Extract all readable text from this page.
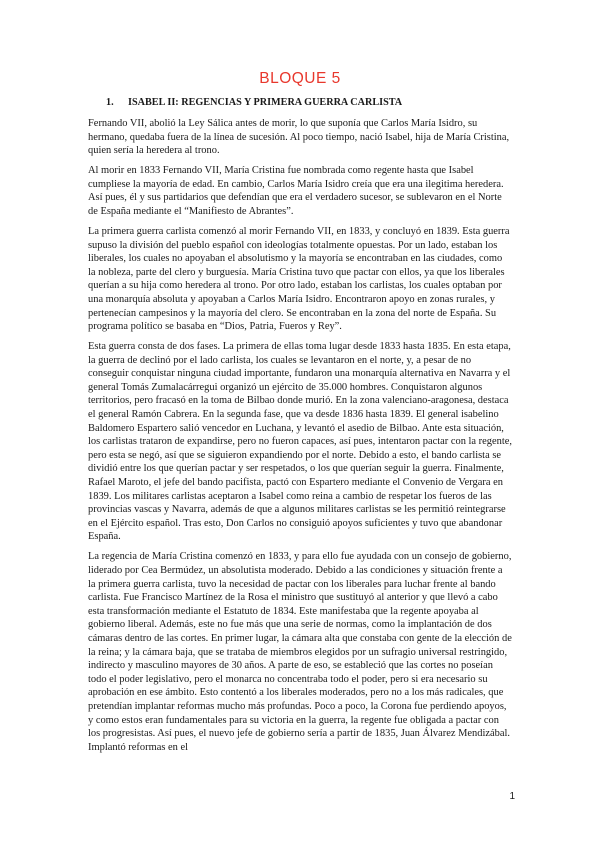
BLOQUE 5
1. ISABEL II: REGENCIAS Y PRIMERA GUERRA CARLISTA

Fernando VII, abolió la Ley Sálica antes de morir, lo que suponía que Carlos María Isidro, su hermano, quedaba fuera de la línea de sucesión. Al poco tiempo, nació Isabel, hija de María Cristina, quien sería la heredera al trono.

Al morir en 1833 Fernando VII, María Cristina fue nombrada como regente hasta que Isabel cumpliese la mayoría de edad. En cambio, Carlos María Isidro creía que era una ilegitima heredera. Así pues, él y sus partidarios que defendían que era el verdadero sucesor, se sublevaron en el Norte de España mediante el “Manifiesto de Abrantes”.

La primera guerra carlista comenzó al morir Fernando VII, en 1833, y concluyó en 1839. Esta guerra supuso la división del pueblo español con ideologías totalmente opuestas. Por un lado, estaban los liberales, los cuales no apoyaban el absolutismo y la mayoría se encontraban en las ciudades, como la nobleza, parte del clero y burguesía. María Cristina tuvo que pactar con ellos, ya que los liberales querían a su hija como heredera al trono. Por otro lado, estaban los carlistas, los cuales optaban por una monarquía absoluta y apoyaban a Carlos María Isidro. Encontraron apoyo en zonas rurales, y pertenecían campesinos y la mayoría del clero. Se encontraban en la zona del norte de España. Su programa político se basaba en “Dios, Patria, Fueros y Rey”.

Esta guerra consta de dos fases. La primera de ellas toma lugar desde 1833 hasta 1835. En esta etapa, la guerra de declinó por el lado carlista, los cuales se levantaron en el norte, y, a pesar de no conseguir conquistar ninguna ciudad importante, fundaron una monarquía alternativa en Navarra y el general Tomás Zumalacárregui organizó un ejército de 35.000 hombres. Conquistaron algunos territorios, pero fracasó en la toma de Bilbao donde murió. En la zona valenciano-aragonesa, destaca el general Ramón Cabrera. En la segunda fase, que va desde 1836 hasta 1839. El general isabelino Baldomero Espartero salió vencedor en Luchana, y levantó el asedio de Bilbao. Ante esta situación, los carlistas trataron de expandirse, pero no fueron capaces, así pues, intentaron pactar con la regente, pero esta se negó, así que se siguieron expandiendo por el norte. Debido a esto, el bando carlista se dividió entre los que querían pactar y ser respetados, o los que querían seguir la guerra. Finalmente, Rafael Maroto, el jefe del bando pacifista, pactó con Espartero mediante el Convenio de Vergara en 1839. Los militares carlistas aceptaron a Isabel como reina a cambio de respetar los fueros de las provincias vascas y Navarra, además de que a algunos militares carlistas se les permitió reintegrarse en el Ejército español. Tras esto, Don Carlos no consiguió apoyos suficientes y tuvo que abandonar España.

La regencia de María Cristina comenzó en 1833, y para ello fue ayudada con un consejo de gobierno, liderado por Cea Bermúdez, un absolutista moderado. Debido a las condiciones y situación frente a la primera guerra carlista, tuvo la necesidad de pactar con los liberales para luchar frente al bando carlista. Fue Francisco Martínez de la Rosa el ministro que sustituyó al anterior y que llevó a cabo esta transformación mediante el Estatuto de 1834. Este manifestaba que la regente apoyaba al gobierno liberal. Además, este no fue más que una serie de normas, como la implantación de dos cámaras dentro de las cortes. En primer lugar, la cámara alta que constaba con gente de la elección de la reina; y la cámara baja, que se trataba de miembros elegidos por un sufragio universal restringido, indirecto y masculino mayores de 30 años. A parte de eso, se estableció que las cortes no poseían todo el poder legislativo, pero el monarca no concentraba todo el poder, pero si era necesario su aprobación en ese ámbito. Esto contentó a los liberales moderados, pero no a los más radicales, que pretendían implantar reformas mucho más profundas. Poco a poco, la Corona fue perdiendo apoyos, y como estos eran fundamentales para su victoria en la guerra, la regente fue obligada a pactar con los progresistas. Así pues, el nuevo jefe de gobierno sería a partir de 1835, Juan Álvarez Mendizábal. Implantó reformas en el

1
